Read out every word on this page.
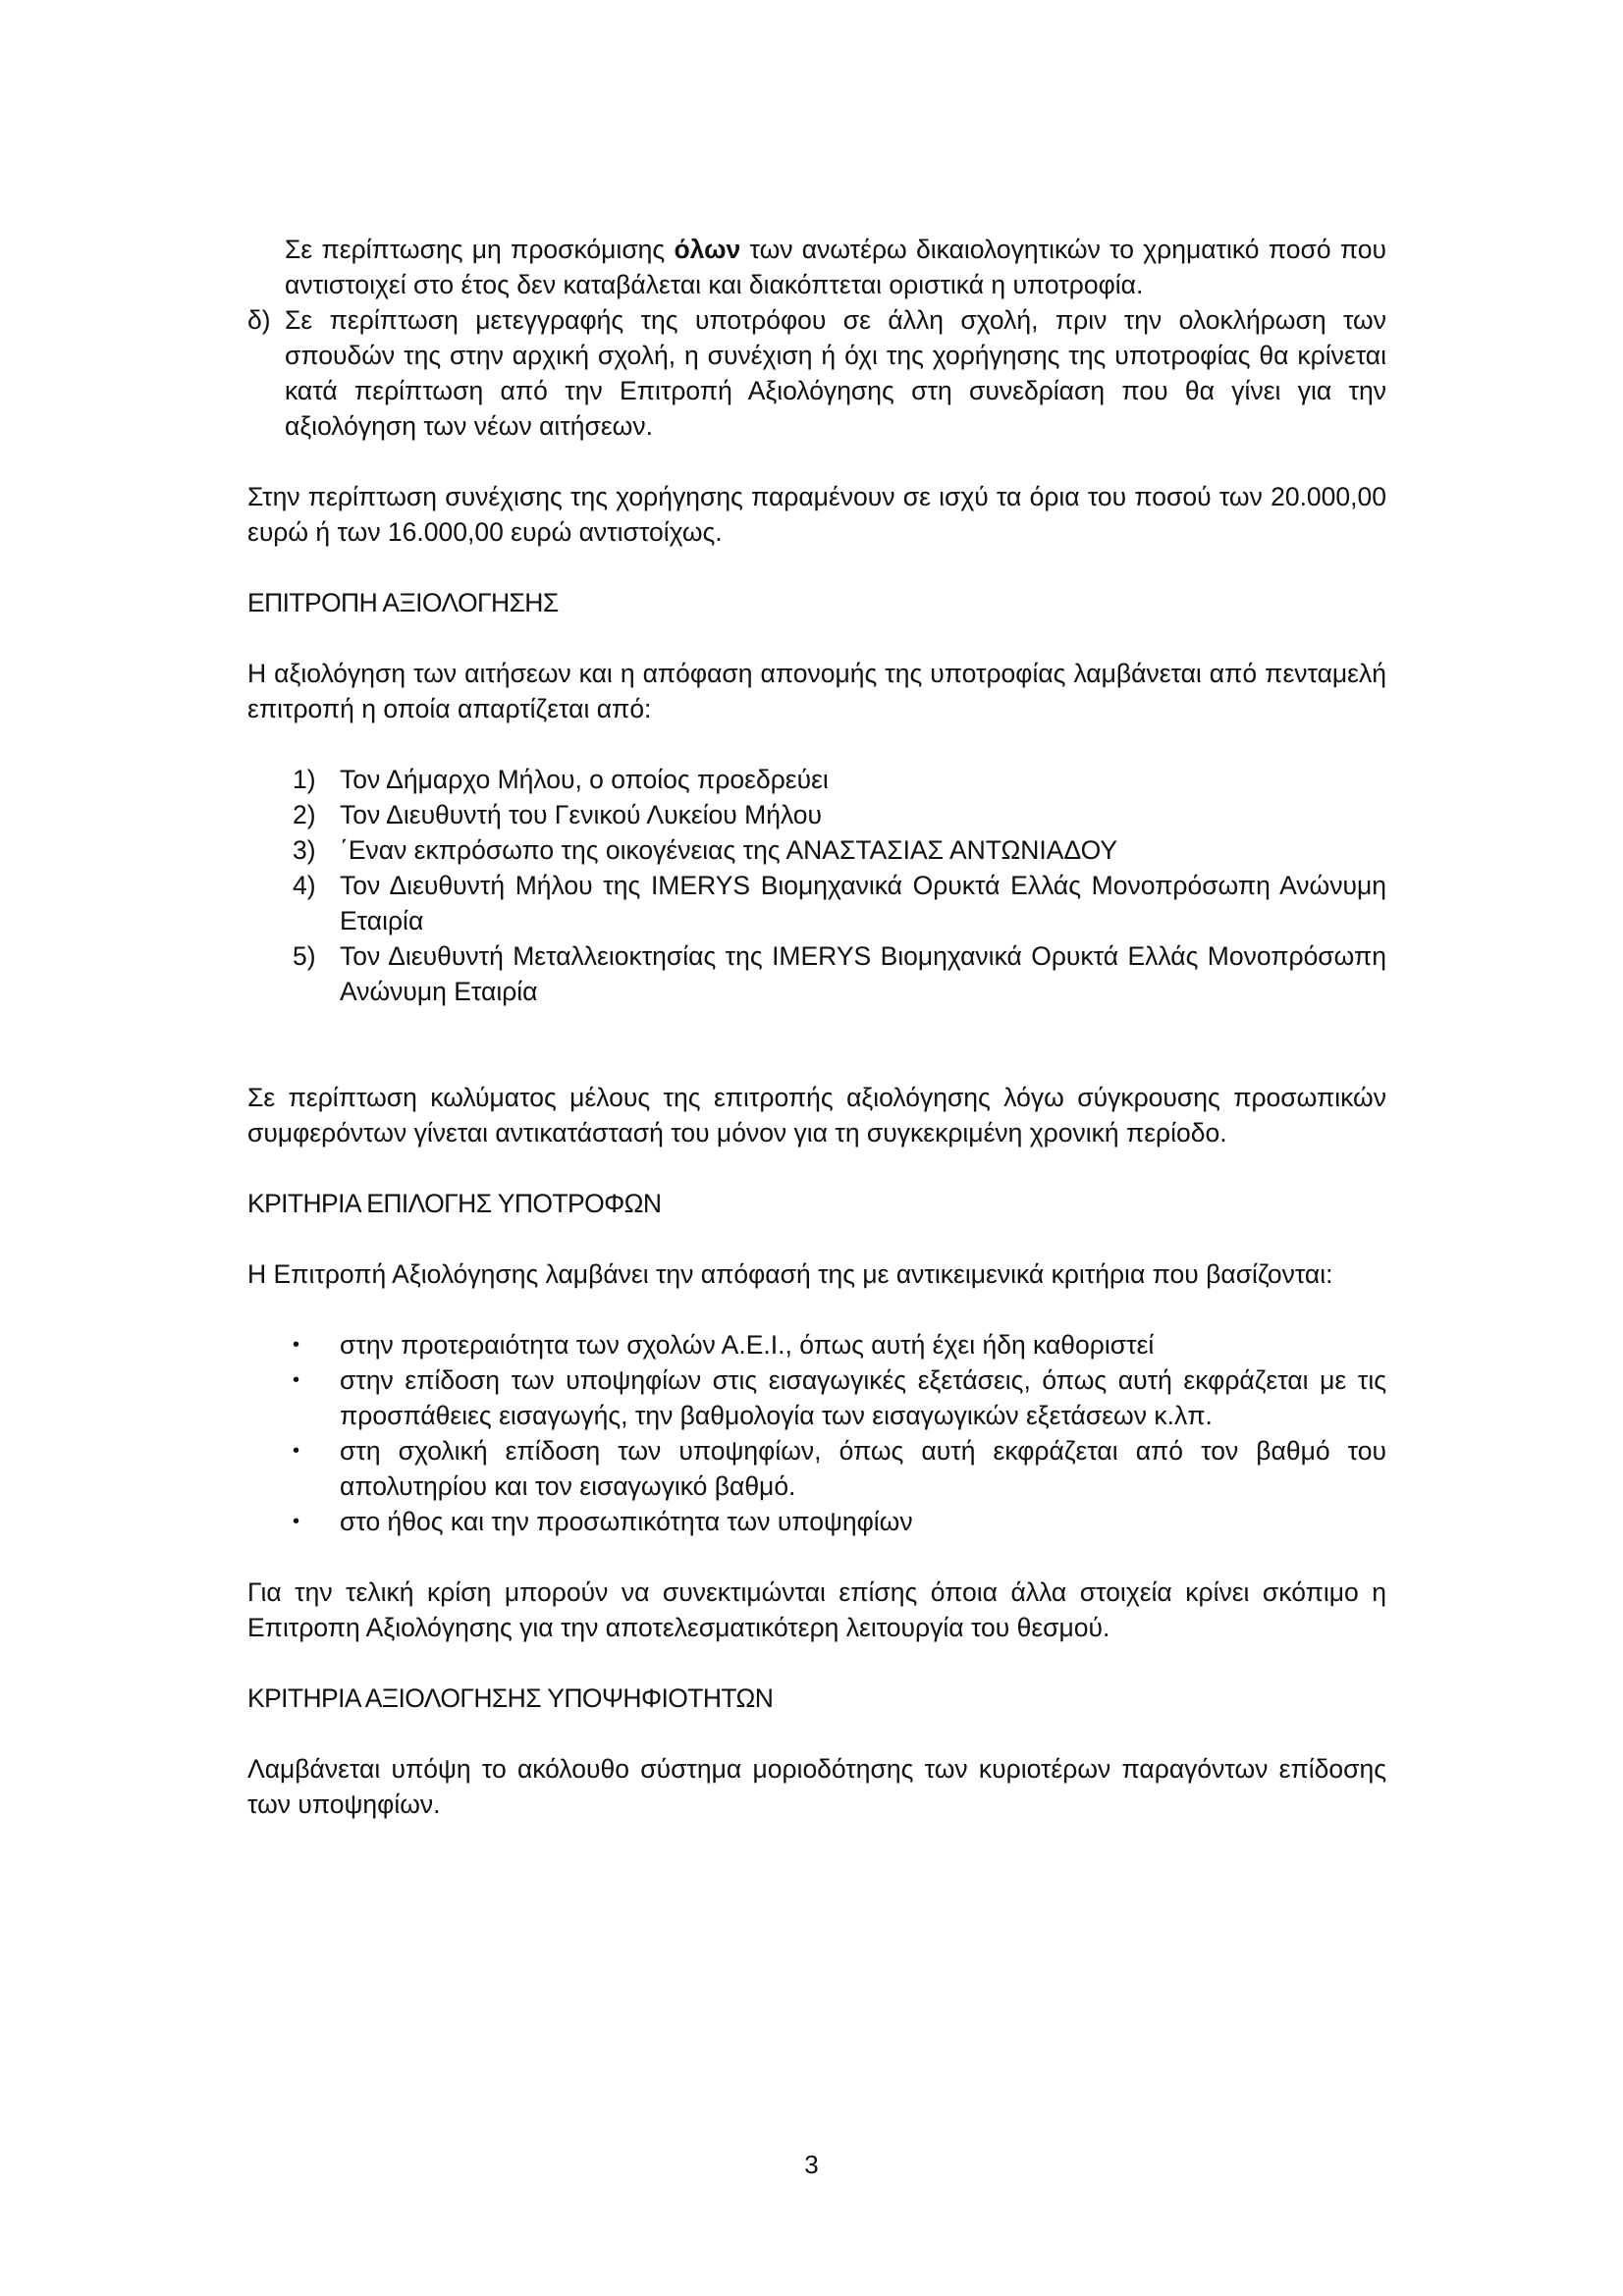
Σε περίπτωσης μη προσκόμισης όλων των ανωτέρω δικαιολογητικών το χρηματικό ποσό που αντιστοιχεί στο έτος δεν καταβάλεται και διακόπτεται οριστικά η υποτροφία.

δ) Σε περίπτωση μετεγγραφής της υποτρόφου σε άλλη σχολή, πριν την ολοκλήρωση των σπουδών της στην αρχική σχολή, η συνέχιση ή όχι της χορήγησης της υποτροφίας θα κρίνεται κατά περίπτωση από την Επιτροπή Αξιολόγησης στη συνεδρίαση που θα γίνει για την αξιολόγηση των νέων αιτήσεων.

Στην περίπτωση συνέχισης της χορήγησης παραμένουν σε ισχύ τα όρια του ποσού των 20.000,00 ευρώ ή των 16.000,00 ευρώ αντιστοίχως.

ΕΠΙΤΡΟΠΗ ΑΞΙΟΛΟΓΗΣΗΣ

Η αξιολόγηση των αιτήσεων και η απόφαση απονομής της υποτροφίας λαμβάνεται από πενταμελή επιτροπή η οποία απαρτίζεται από:

1) Τον Δήμαρχο Μήλου, ο οποίος προεδρεύει
2) Τον Διευθυντή του Γενικού Λυκείου Μήλου
3) ΄Εναν εκπρόσωπο της οικογένειας της ΑΝΑΣΤΑΣΙΑΣ ΑΝΤΩΝΙΑΔΟΥ
4) Τον Διευθυντή Μήλου της IMERYS Βιομηχανικά Ορυκτά Ελλάς Μονοπρόσωπη Ανώνυμη Εταιρία
5) Τον Διευθυντή Μεταλλειοκτησίας της IMERYS Βιομηχανικά Ορυκτά Ελλάς Μονοπρόσωπη Ανώνυμη Εταιρία

Σε περίπτωση κωλύματος μέλους της επιτροπής αξιολόγησης λόγω σύγκρουσης προσωπικών συμφερόντων γίνεται αντικατάστασή του μόνον για τη συγκεκριμένη χρονική περίοδο.

ΚΡΙΤΗΡΙΑ ΕΠΙΛΟΓΗΣ ΥΠΟΤΡΟΦΩΝ

Η Επιτροπή Αξιολόγησης λαμβάνει την απόφασή της με αντικειμενικά κριτήρια που βασίζονται:

•	στην προτεραιότητα των σχολών Α.Ε.Ι., όπως αυτή έχει ήδη καθοριστεί
•	στην επίδοση των υποψηφίων στις εισαγωγικές εξετάσεις, όπως αυτή εκφράζεται με τις προσπάθειες εισαγωγής, την βαθμολογία των εισαγωγικών εξετάσεων κ.λπ.
•	στη σχολική επίδοση των υποψηφίων, όπως αυτή εκφράζεται από τον βαθμό του απολυτηρίου και τον εισαγωγικό βαθμό.
•	στο ήθος και την προσωπικότητα των υποψηφίων

Για την τελική κρίση μπορούν να συνεκτιμώνται επίσης όποια άλλα στοιχεία κρίνει σκόπιμο η Επιτροπη Αξιολόγησης για την αποτελεσματικότερη λειτουργία του θεσμού.

ΚΡΙΤΗΡΙΑ ΑΞΙΟΛΟΓΗΣΗΣ ΥΠΟΨΗΦΙΟΤΗΤΩΝ

Λαμβάνεται υπόψη το ακόλουθο σύστημα μοριοδότησης των κυριοτέρων παραγόντων επίδοσης των υποψηφίων.

3
